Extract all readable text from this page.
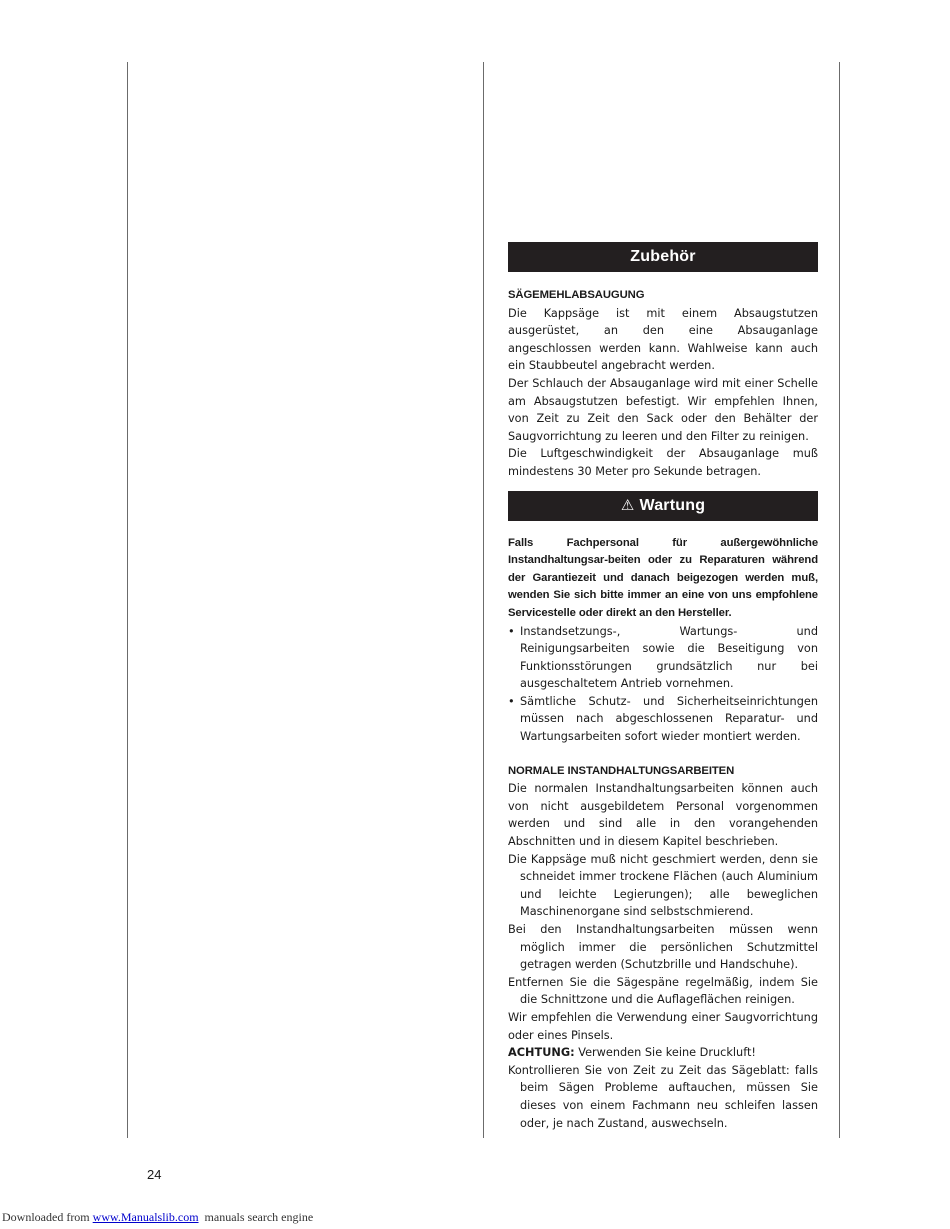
Zubehör
SÄGEMEHLABSAUGUNG

Die Kappsäge ist mit einem Absaugstutzen ausgerüstet, an den eine Absauganlage angeschlossen werden kann. Wahlweise kann auch ein Staubbeutel angebracht werden.

Der Schlauch der Absauganlage wird mit einer Schelle am Absaugstutzen befestigt. Wir empfehlen Ihnen, von Zeit zu Zeit den Sack oder den Behälter der Saugvorrichtung zu leeren und den Filter zu reinigen.

Die Luftgeschwindigkeit der Absauganlage muß mindestens 30 Meter pro Sekunde betragen.

⚠ Wartung

Falls Fachpersonal für außergewöhnliche Instandhaltungsar-beiten oder zu Reparaturen während der Garantiezeit und danach beigezogen werden muß, wenden Sie sich bitte immer an eine von uns empfohlene Servicestelle oder direkt an den Hersteller.

• Instandsetzungs-, Wartungs- und Reinigungsarbeiten sowie die Beseitigung von Funktionsstörungen grundsätzlich nur bei ausgeschaltetem Antrieb vornehmen.
• Sämtliche Schutz- und Sicherheitseinrichtungen müssen nach abgeschlossenen Reparatur- und Wartungsarbeiten sofort wieder montiert werden.
NORMALE INSTANDHALTUNGSARBEITEN

Die normalen Instandhaltungsarbeiten können auch von nicht ausgebildetem Personal vorgenommen werden und sind alle in den vorangehenden Abschnitten und in diesem Kapitel beschrieben.

Die Kappsäge muß nicht geschmiert werden, denn sie schneidet immer trockene Flächen (auch Aluminium und leichte Legierungen); alle beweglichen Maschinenorgane sind selbstschmierend.

Bei den Instandhaltungsarbeiten müssen wenn möglich immer die persönlichen Schutzmittel getragen werden (Schutzbrille und Handschuhe).

Entfernen Sie die Sägespäne regelmäßig, indem Sie die Schnittzone und die Auflageflächen reinigen.

Wir empfehlen die Verwendung einer Saugvorrichtung oder eines Pinsels.

ACHTUNG: Verwenden Sie keine Druckluft!

Kontrollieren Sie von Zeit zu Zeit das Sägeblatt: falls beim Sägen Probleme auftauchen, müssen Sie dieses von einem Fachmann neu schleifen lassen oder, je nach Zustand, auswechseln.

24
Downloaded from www.Manualslib.com  manuals search engine
